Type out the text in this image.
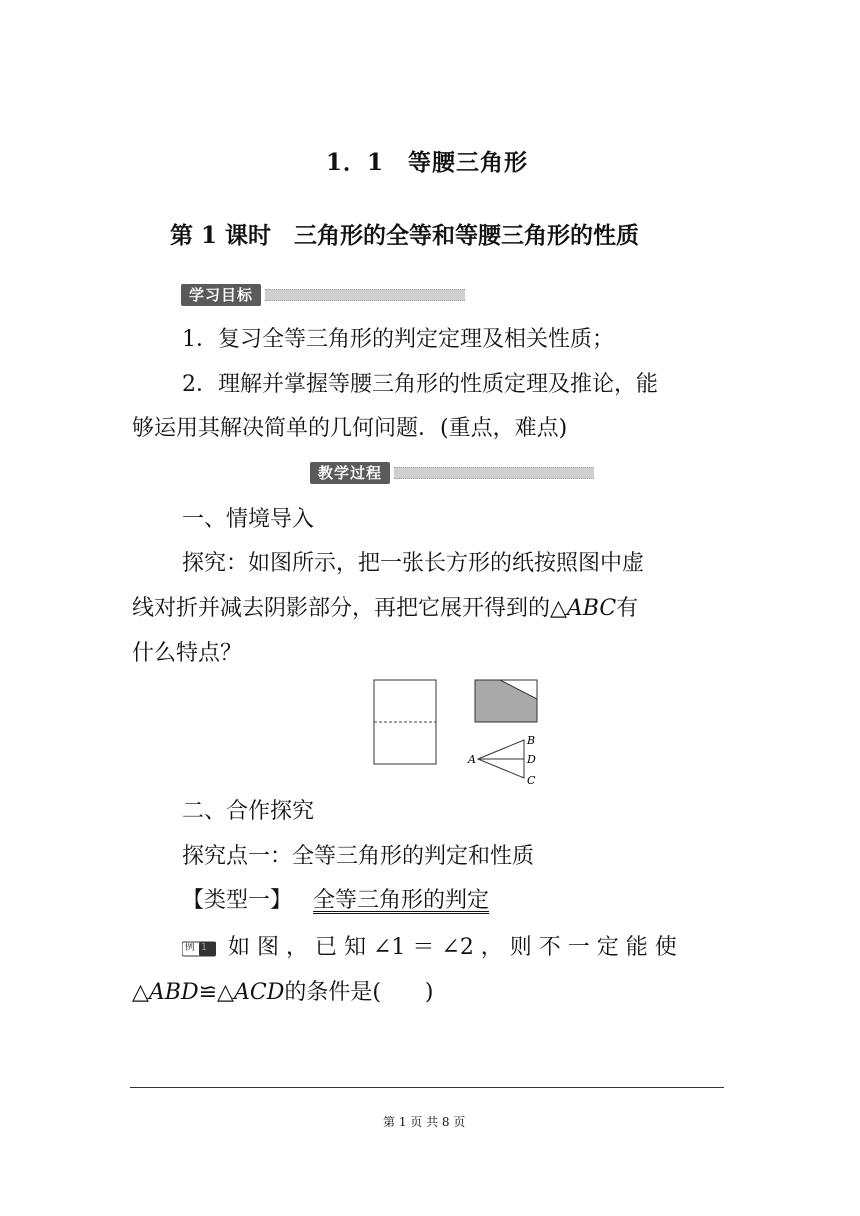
1．1　等腰三角形
第 1 课时　三角形的全等和等腰三角形的性质
学习目标
1．复习全等三角形的判定定理及相关性质；
2．理解并掌握等腰三角形的性质定理及推论，能
够运用其解决简单的几何问题．(重点，难点)
教学过程
一、情境导入
探究：如图所示，把一张长方形的纸按照图中虚
线对折并减去阴影部分，再把它展开得到的△ABC有
什么特点？
A
B
D
C
二、合作探究
探究点一：全等三角形的判定和性质
【类型一】 全等三角形的判定
例1 如 图 ， 已 知 ∠1 ＝ ∠2 ， 则 不 一 定 能 使
△ABD≌△ACD的条件是(　　)
第 1 页 共 8 页
